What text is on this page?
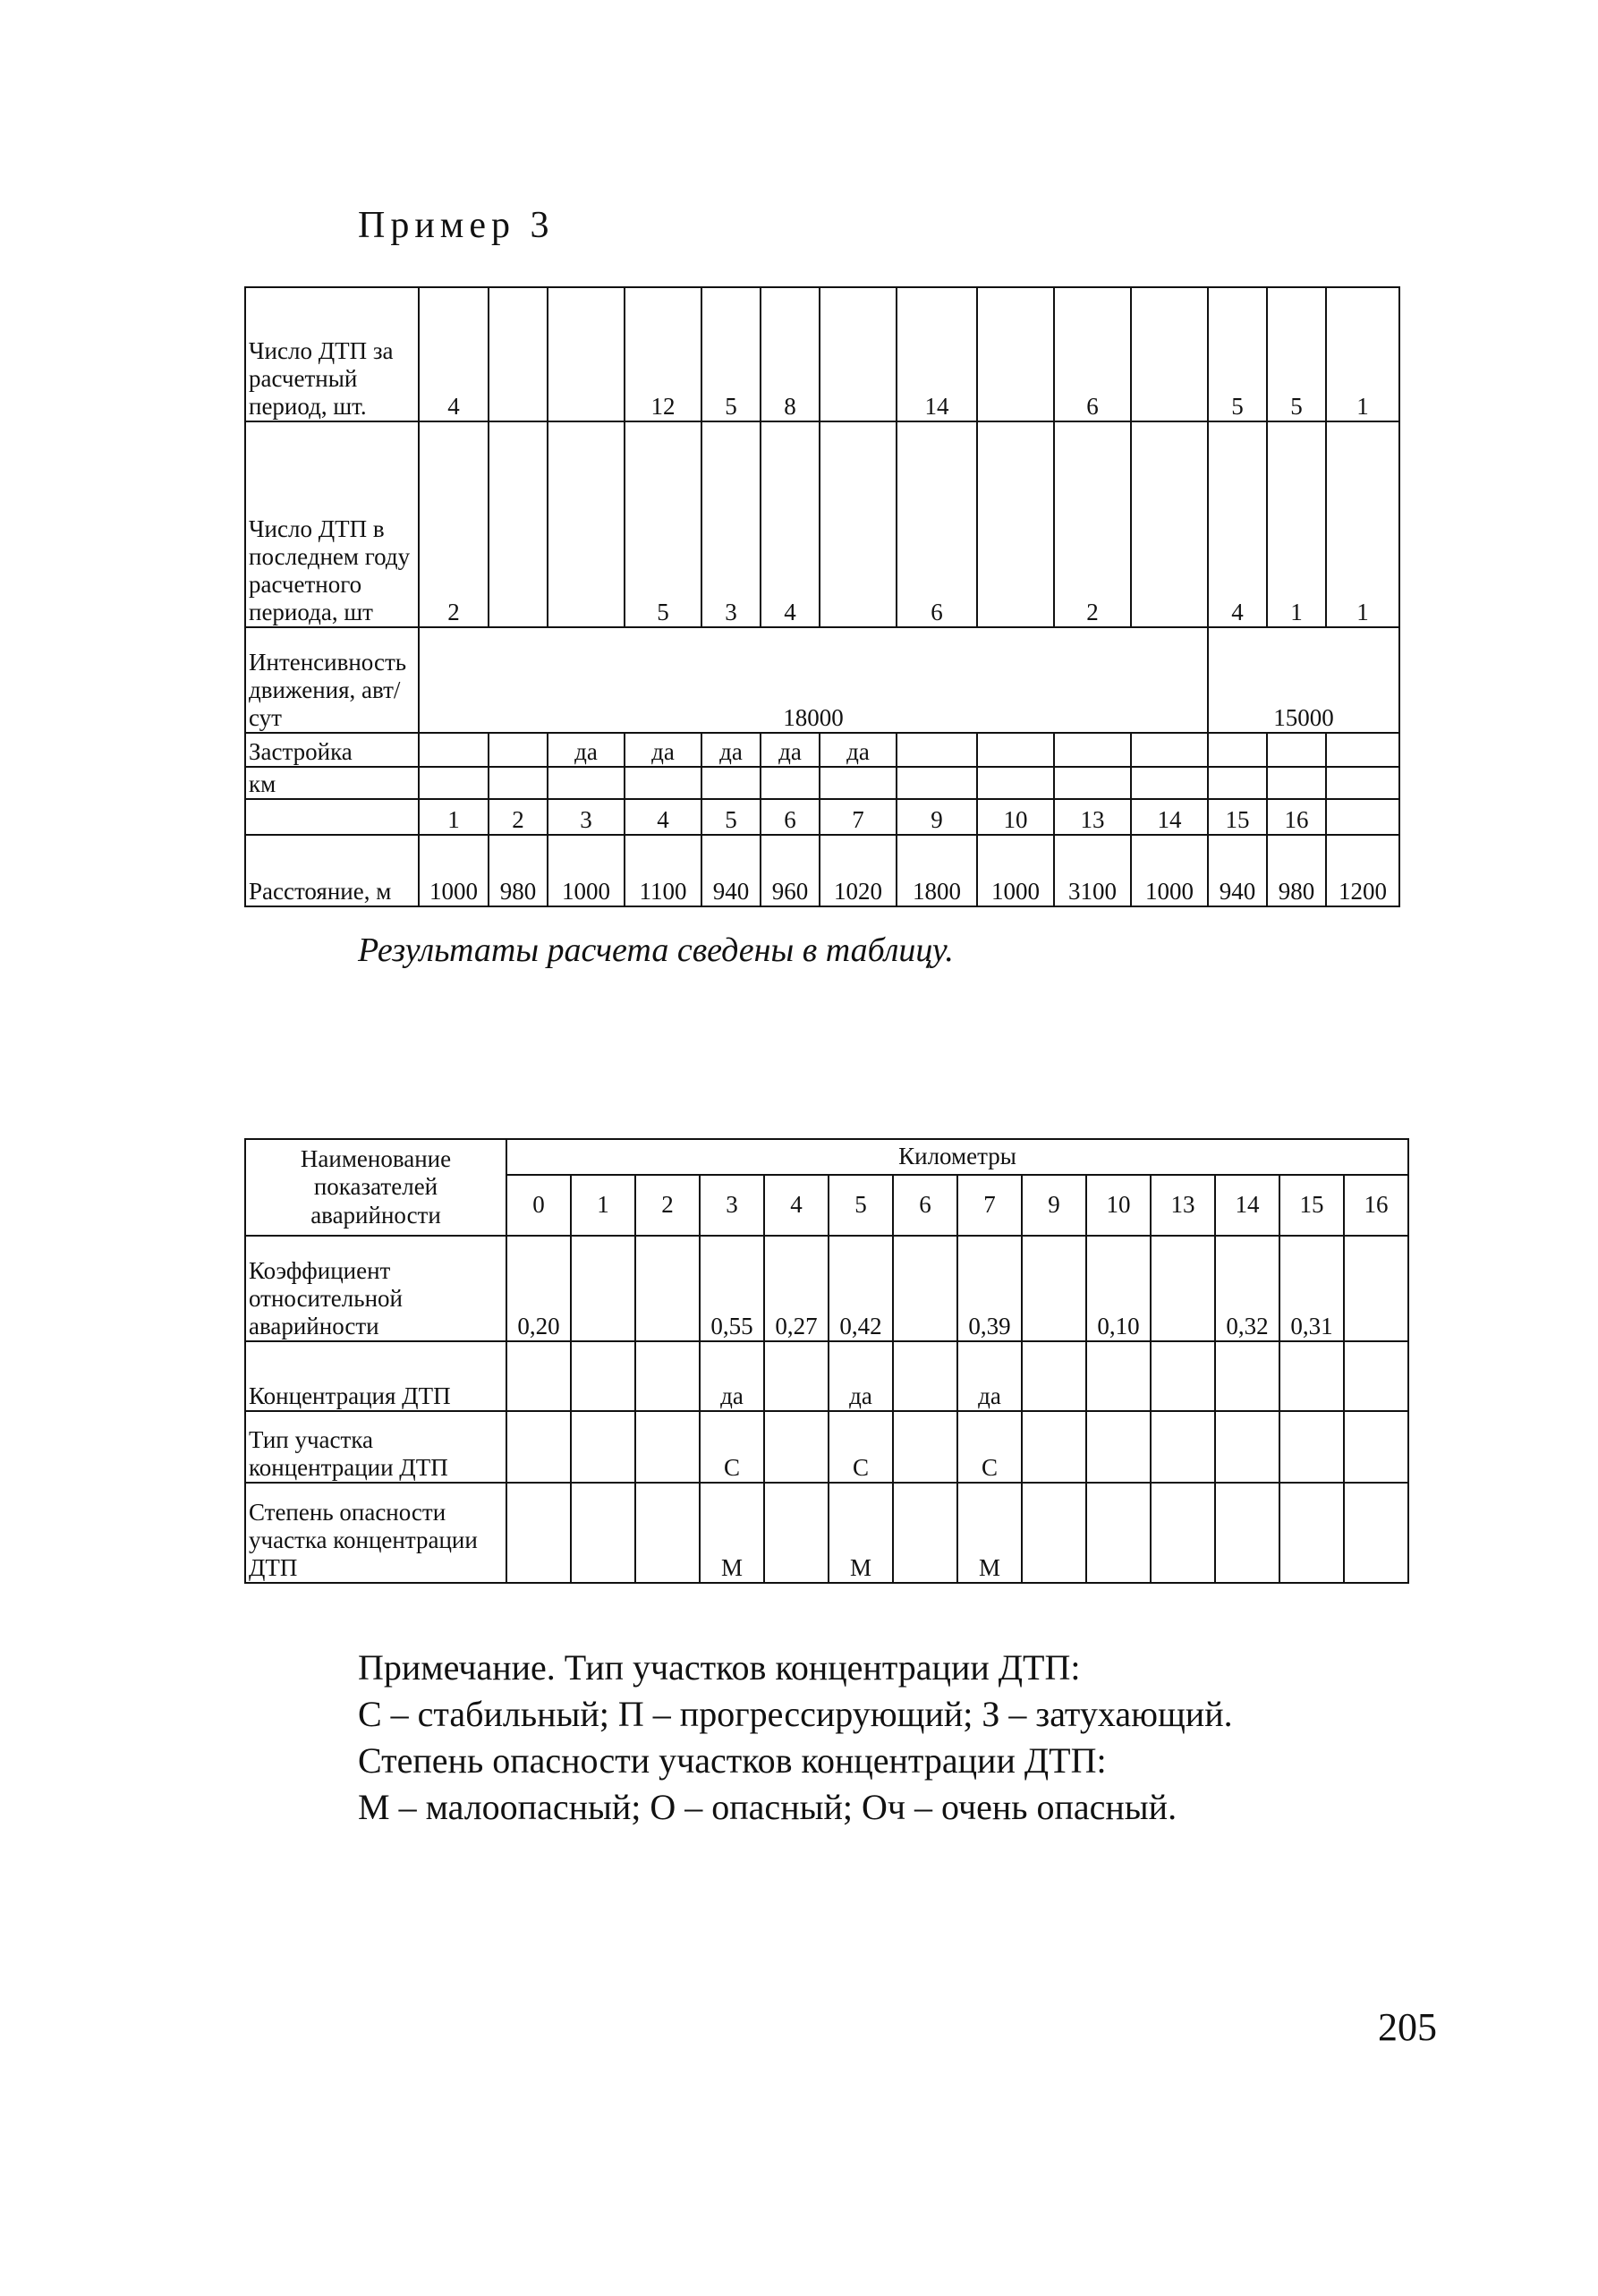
Пример 3
Число ДТП за расчетный период, шт.	4			12	5	8		14		6		5	5	1
Число ДТП в последнем году расчетного периода, шт	2			5	3	4		6		2		4	1	1
Интенсивность движения, авт/сут	18000											15000		
Застройка			да	да	да	да	да							
км														
	1	2	3	4	5	6	7	9	10	13	14	15	16	
Расстояние, м	1000	980	1000	1100	940	960	1020	1800	1000	3100	1000	940	980	1200
Результаты расчета сведены в таблицу.
Наименование показателей аварийности	Километры													
	0	1	2	3	4	5	6	7	9	10	13	14	15	16
Коэффициент относительной аварийности	0,20			0,55	0,27	0,42		0,39		0,10		0,32	0,31	
Концентрация ДТП				да		да		да						
Тип участка концентрации ДТП				С		С		С						
Степень опасности участка концентрации ДТП				М		М		М						
Примечание. Тип участков концентрации ДТП:
С – стабильный; П – прогрессирующий; З – затухающий.
Степень опасности участков концентрации ДТП:
М – малоопасный; О – опасный; Оч – очень опасный.
205
